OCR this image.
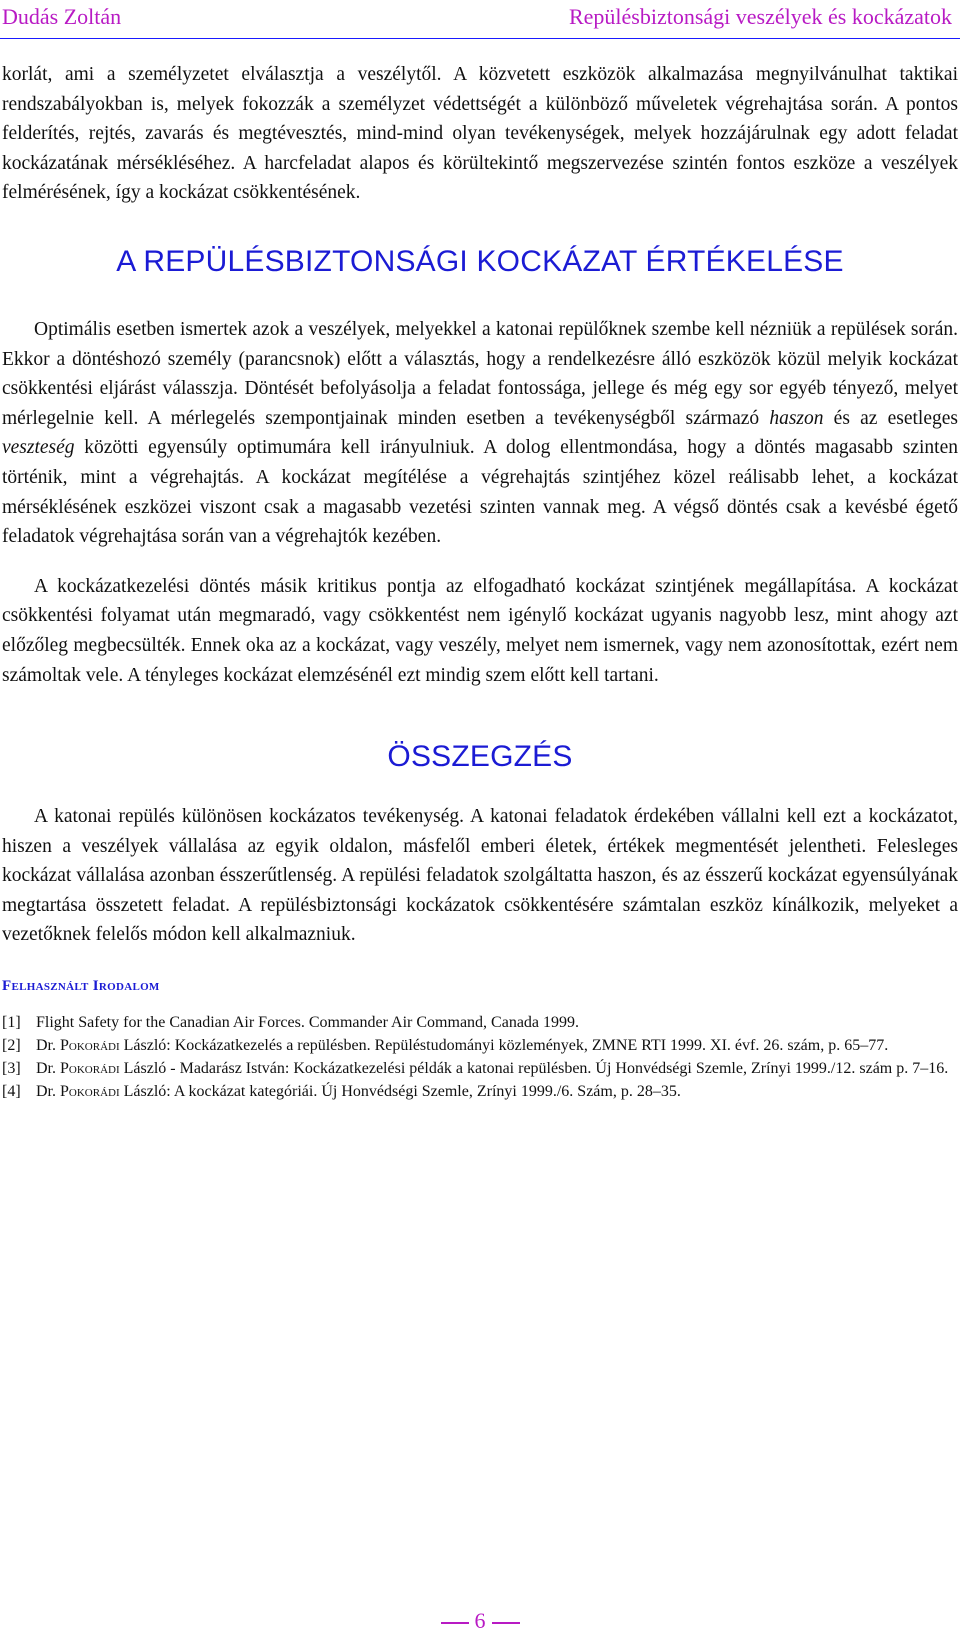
Dudás Zoltán	Repülésbiztonsági veszélyek és kockázatok

korlát, ami a személyzetet elválasztja a veszélytől. A közvetett eszközök alkalmazása megnyilvánulhat taktikai rendszabályokban is, melyek fokozzák a személyzet védettségét a különböző műveletek végrehajtása során. A pontos felderítés, rejtés, zavarás és megtévesztés, mind-mind olyan tevékenységek, melyek hozzájárulnak egy adott feladat kockázatának mérsékléséhez. A harcfeladat alapos és körültekintő megszervezése szintén fontos eszköze a veszélyek felmérésének, így a kockázat csökkentésének.

A REPÜLÉSBIZTONSÁGI KOCKÁZAT ÉRTÉKELÉSE

Optimális esetben ismertek azok a veszélyek, melyekkel a katonai repülőknek szembe kell nézniük a repülések során. Ekkor a döntéshozó személy (parancsnok) előtt a választás, hogy a rendelkezésre álló eszközök közül melyik kockázat csökkentési eljárást válasszja. Döntését befolyásolja a feladat fontossága, jellege és még egy sor egyéb tényező, melyet mérlegelnie kell. A mérlegelés szempontjainak minden esetben a tevékenységből származó haszon és az esetleges veszteség közötti egyensúly optimumára kell irányulniuk. A dolog ellentmondása, hogy a döntés magasabb szinten történik, mint a végrehajtás. A kockázat megítélése a végrehajtás szintjéhez közel reálisabb lehet, a kockázat mérséklésének eszközei viszont csak a magasabb vezetési szinten vannak meg. A végső döntés csak a kevésbé égető feladatok végrehajtása során van a végrehajtók kezében.

A kockázatkezelési döntés másik kritikus pontja az elfogadható kockázat szintjének megállapítása. A kockázat csökkentési folyamat után megmaradó, vagy csökkentést nem igénylő kockázat ugyanis nagyobb lesz, mint ahogy azt előzőleg megbecsülték. Ennek oka az a kockázat, vagy veszély, melyet nem ismernek, vagy nem azonosítottak, ezért nem számoltak vele. A tényleges kockázat elemzésénél ezt mindig szem előtt kell tartani.

ÖSSZEGZÉS

A katonai repülés különösen kockázatos tevékenység. A katonai feladatok érdekében vállalni kell ezt a kockázatot, hiszen a veszélyek vállalása az egyik oldalon, másfelől emberi életek, értékek megmentését jelentheti. Felesleges kockázat vállalása azonban ésszerűtlenség. A repülési feladatok szolgáltatta haszon, és az ésszerű kockázat egyensúlyának megtartása összetett feladat. A repülésbiztonsági kockázatok csökkentésére számtalan eszköz kínálkozik, melyeket a vezetőknek felelős módon kell alkalmazniuk.

Felhasznált Irodalom
[1] Flight Safety for the Canadian Air Forces. Commander Air Command, Canada 1999.
[2] Dr. Pokorádi László: Kockázatkezelés a repülésben. Repüléstudományi közlemények, ZMNE RTI 1999. XI. évf. 26. szám, p. 65–77.
[3] Dr. Pokorádi László - Madarász István: Kockázatkezelési példák a katonai repülésben. Új Honvédségi Szemle, Zrínyi 1999./12. szám p. 7–16.
[4] Dr. Pokorádi László: A kockázat kategóriái. Új Honvédségi Szemle, Zrínyi 1999./6. Szám, p. 28–35.
6
